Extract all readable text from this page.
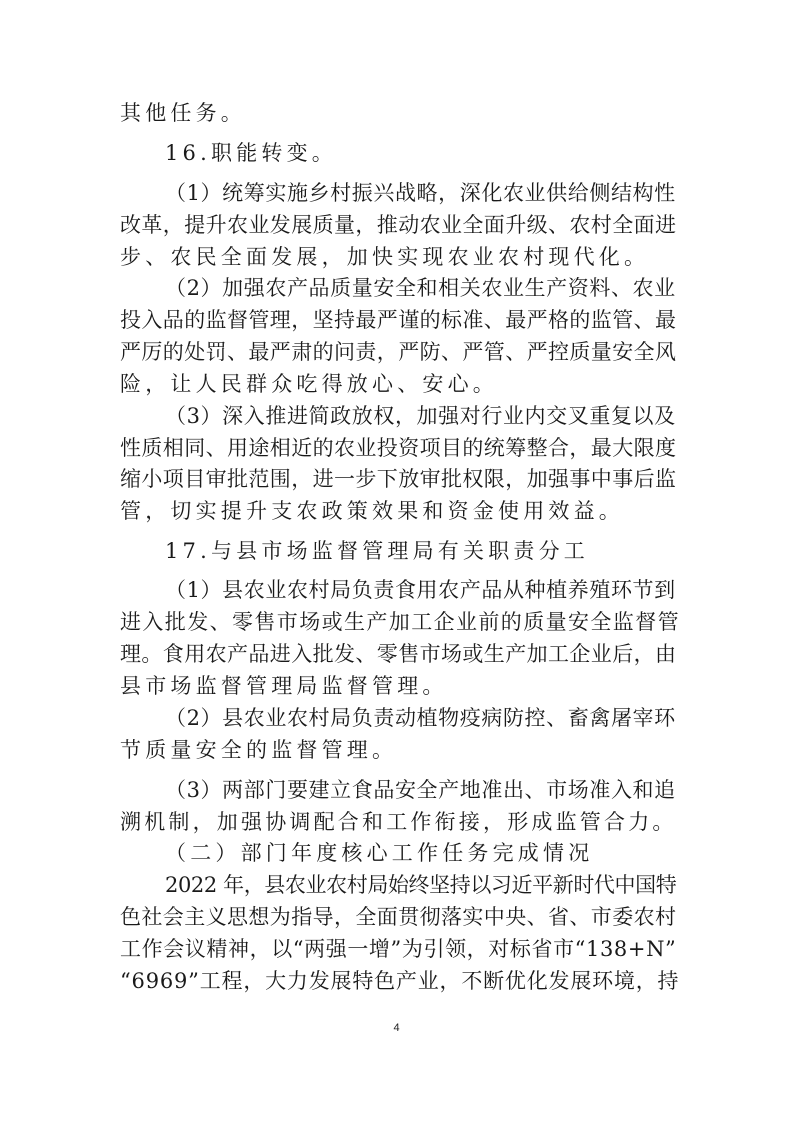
其他任务。
16.职能转变。
（1）统筹实施乡村振兴战略，深化农业供给侧结构性
改革，提升农业发展质量，推动农业全面升级、农村全面进
步、农民全面发展，加快实现农业农村现代化。
（2）加强农产品质量安全和相关农业生产资料、农业
投入品的监督管理，坚持最严谨的标准、最严格的监管、最
严厉的处罚、最严肃的问责，严防、严管、严控质量安全风
险，让人民群众吃得放心、安心。
（3）深入推进简政放权，加强对行业内交叉重复以及
性质相同、用途相近的农业投资项目的统筹整合，最大限度
缩小项目审批范围，进一步下放审批权限，加强事中事后监
管，切实提升支农政策效果和资金使用效益。
17.与县市场监督管理局有关职责分工
（1）县农业农村局负责食用农产品从种植养殖环节到
进入批发、零售市场或生产加工企业前的质量安全监督管
理。食用农产品进入批发、零售市场或生产加工企业后，由
县市场监督管理局监督管理。
（2）县农业农村局负责动植物疫病防控、畜禽屠宰环
节质量安全的监督管理。
（3）两部门要建立食品安全产地准出、市场准入和追
溯机制，加强协调配合和工作衔接，形成监管合力。
（二）部门年度核心工作任务完成情况
2022 年，县农业农村局始终坚持以习近平新时代中国特
色社会主义思想为指导，全面贯彻落实中央、省、市委农村
工作会议精神，以“两强一增”为引领，对标省市“138+N”
“6969”工程，大力发展特色产业，不断优化发展环境，持
4
